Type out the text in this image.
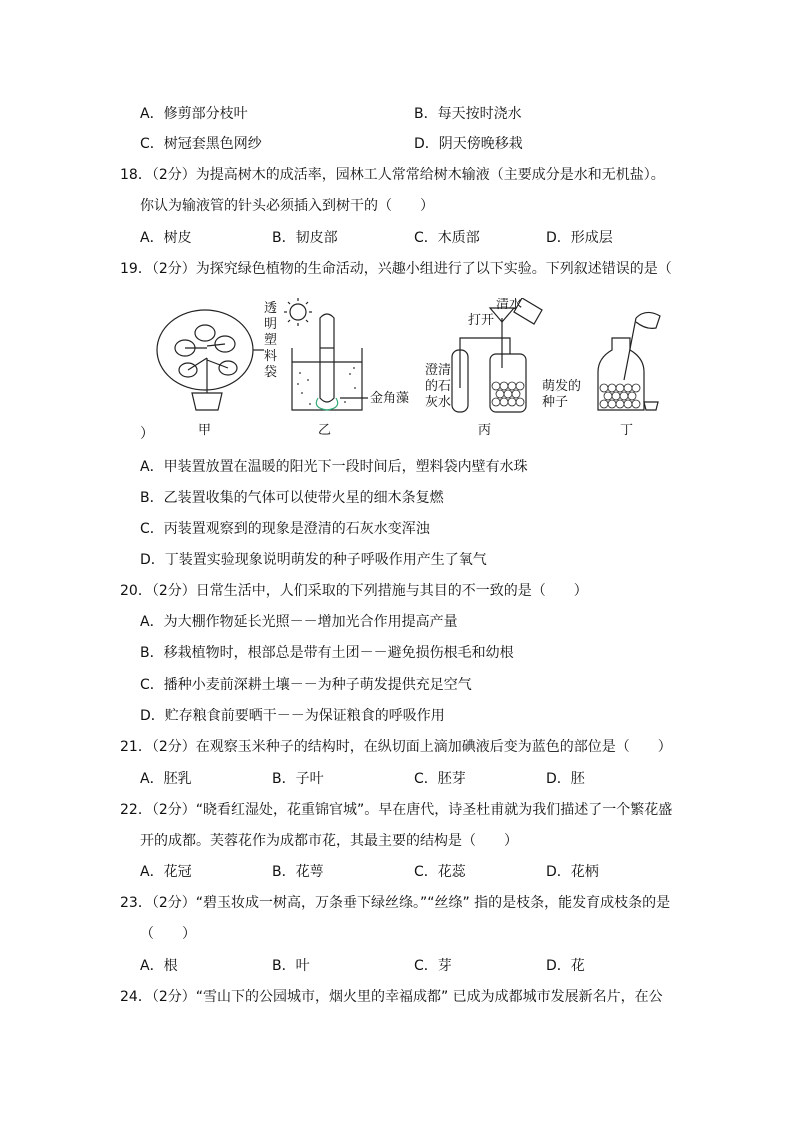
A．修剪部分枝叶	B．每天按时浇水
C．树冠套黑色网纱	D．阴天傍晚移栽
18．（2分）为提高树木的成活率，园林工人常常给树木输液（主要成分是水和无机盐）。
你认为输液管的针头必须插入到树干的（　　）
A．树皮	B．韧皮部	C．木质部	D．形成层
19．（2分）为探究绿色植物的生命活动，兴趣小组进行了以下实验。下列叙述错误的是（
透
明
塑
料
袋
金角藻
清水
打开
澄清
的石
灰水
萌发的
种子
甲	乙	丙	丁
）
A．甲装置放置在温暖的阳光下一段时间后，塑料袋内壁有水珠
B．乙装置收集的气体可以使带火星的细木条复燃
C．丙装置观察到的现象是澄清的石灰水变浑浊
D．丁装置实验现象说明萌发的种子呼吸作用产生了氧气
20．（2分）日常生活中，人们采取的下列措施与其目的不一致的是（　　）
A．为大棚作物延长光照－－增加光合作用提高产量
B．移栽植物时，根部总是带有土团－－避免损伤根毛和幼根
C．播种小麦前深耕土壤－－为种子萌发提供充足空气
D．贮存粮食前要晒干－－为保证粮食的呼吸作用
21．（2分）在观察玉米种子的结构时，在纵切面上滴加碘液后变为蓝色的部位是（　　）
A．胚乳	B．子叶	C．胚芽	D．胚
22．（2分）“晓看红湿处，花重锦官城”。早在唐代，诗圣杜甫就为我们描述了一个繁花盛
开的成都。芙蓉花作为成都市花，其最主要的结构是（　　）
A．花冠	B．花萼	C．花蕊	D．花柄
23．（2分）“碧玉妆成一树高，万条垂下绿丝绦。”“丝绦” 指的是枝条，能发育成枝条的是
（　　）
A．根	B．叶	C．芽	D．花
24．（2分）“雪山下的公园城市，烟火里的幸福成都” 已成为成都城市发展新名片，在公
